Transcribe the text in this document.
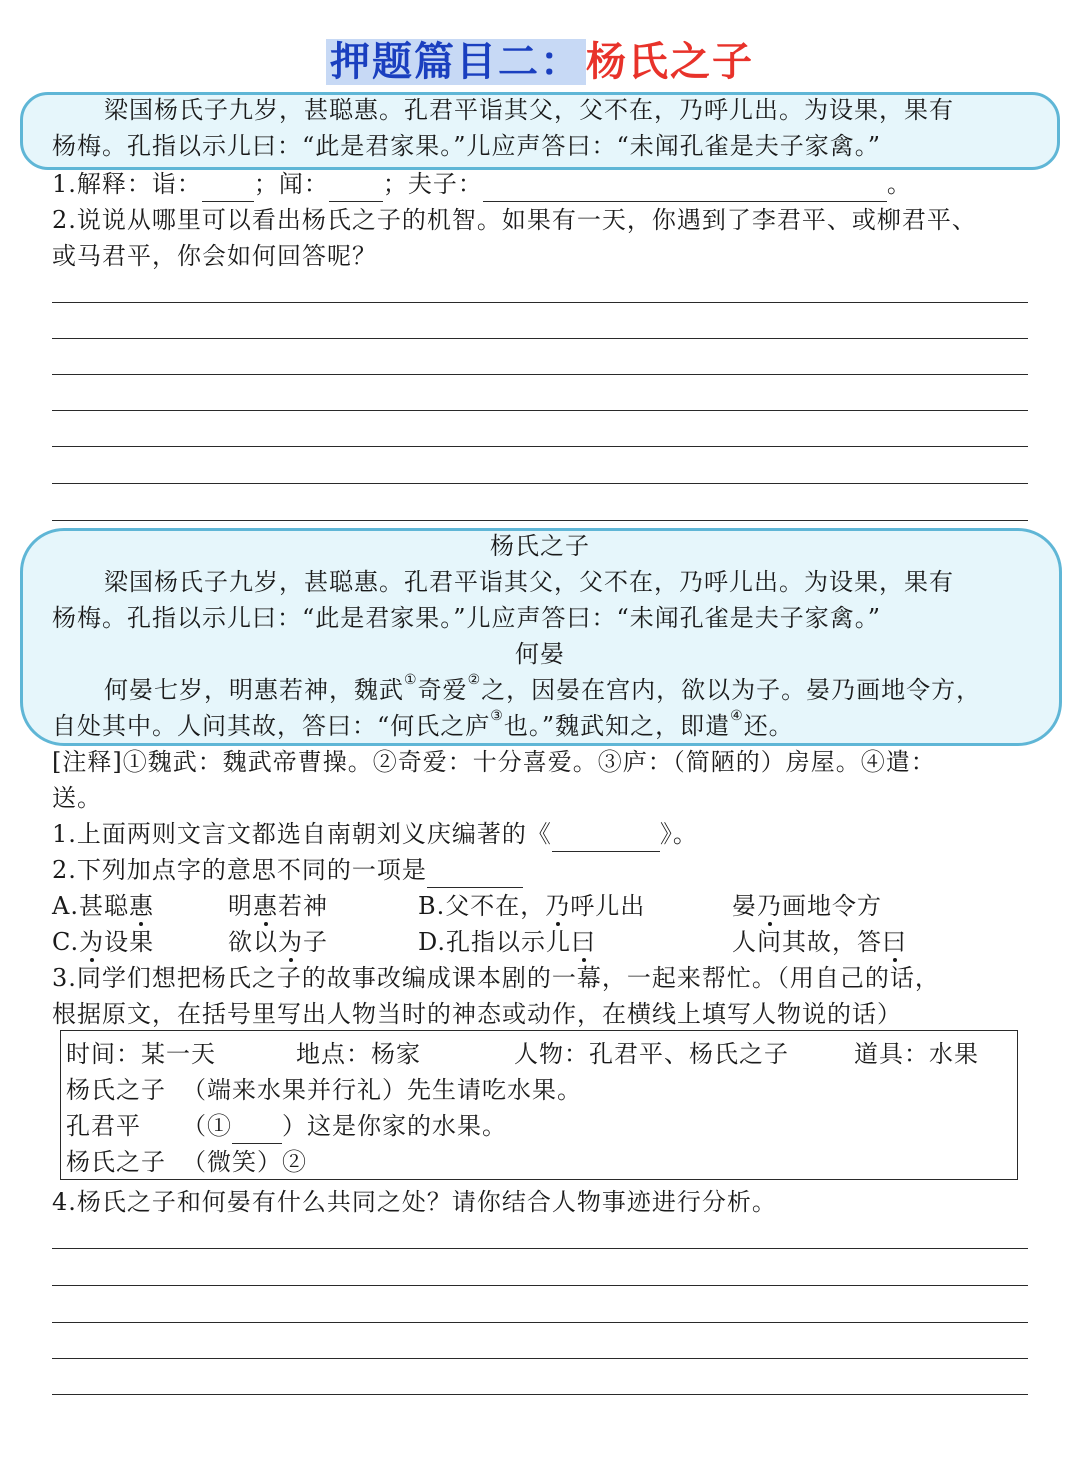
押题篇目二： 杨氏之子
梁国杨氏子九岁，甚聪惠。孔君平诣其父，父不在，乃呼儿出。为设果，果有
杨梅。孔指以示儿曰：“此是君家果。”儿应声答曰：“未闻孔雀是夫子家禽。”
1.解释：诣： ；闻： ；夫子：	。
2.说说从哪里可以看出杨氏之子的机智。如果有一天，你遇到了李君平、或柳君平、
或马君平，你会如何回答呢？
杨氏之子
梁国杨氏子九岁，甚聪惠。孔君平诣其父，父不在，乃呼儿出。为设果，果有
杨梅。孔指以示儿曰：“此是君家果。”儿应声答曰：“未闻孔雀是夫子家禽。”
何晏
何晏七岁，明惠若神，魏武①奇爱②之，因晏在宫内，欲以为子。晏乃画地令方，
自处其中。人问其故，答曰：“何氏之庐③也。”魏武知之，即遣④还。
[注释]①魏武：魏武帝曹操。②奇爱：十分喜爱。③庐：（简陋的）房屋。④遣：
送。
1.上面两则文言文都选自南朝刘义庆编著的《	》。
2.下列加点字的意思不同的一项是
A.甚聪惠	明惠若神	B.父不在，乃呼儿出	晏乃画地令方
C.为设果	欲以为子	D.孔指以示儿曰	人问其故，答曰
3.同学们想把杨氏之子的故事改编成课本剧的一幕，一起来帮忙。（用自己的话，
根据原文，在括号里写出人物当时的神态或动作，在横线上填写人物说的话）
时间：某一天	地点：杨家	人物：孔君平、杨氏之子	道具：水果
杨氏之子 （端来水果并行礼）先生请吃水果。
孔君平 （① ）这是你家的水果。
杨氏之子 （微笑）②
4.杨氏之子和何晏有什么共同之处？请你结合人物事迹进行分析。
